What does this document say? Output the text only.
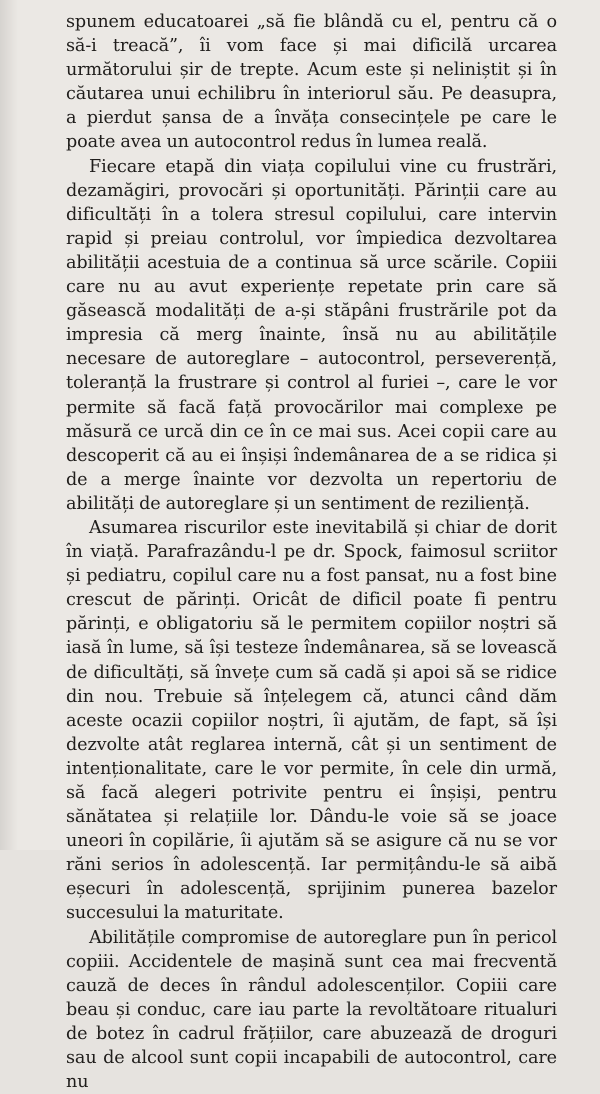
spunem educatoarei „să fie blândă cu el, pentru că o să-i treacă”, îi vom face și mai dificilă urcarea următorului șir de trepte. Acum este și neliniștit și în căutarea unui echilibru în interiorul său. Pe deasupra, a pierdut șansa de a învăța consecințele pe care le poate avea un autocontrol redus în lumea reală.

Fiecare etapă din viața copilului vine cu frustrări, dezamăgiri, provocări și oportunități. Părinții care au dificultăți în a tolera stresul copilului, care intervin rapid și preiau controlul, vor împiedica dezvoltarea abilității acestuia de a continua să urce scările. Copiii care nu au avut experiențe repetate prin care să găsească modalități de a-și stăpâni frustrările pot da impresia că merg înainte, însă nu au abilitățile necesare de autoreglare – autocontrol, perseverență, toleranță la frustrare și control al furiei –, care le vor permite să facă față provocărilor mai complexe pe măsură ce urcă din ce în ce mai sus. Acei copii care au descoperit că au ei înșiși îndemânarea de a se ridica și de a merge înainte vor dezvolta un repertoriu de abilități de autoreglare și un sentiment de reziliență.

Asumarea riscurilor este inevitabilă și chiar de dorit în viață. Parafrazându-l pe dr. Spock, faimosul scriitor și pediatru, copilul care nu a fost pansat, nu a fost bine crescut de părinți. Oricât de dificil poate fi pentru părinți, e obligatoriu să le permitem copiilor noștri să iasă în lume, să își testeze îndemânarea, să se lovească de dificultăți, să învețe cum să cadă și apoi să se ridice din nou. Trebuie să înțelegem că, atunci când dăm aceste ocazii copiilor noștri, îi ajutăm, de fapt, să își dezvolte atât reglarea internă, cât și un sentiment de intenționalitate, care le vor permite, în cele din urmă, să facă alegeri potrivite pentru ei înșiși, pentru sănătatea și relațiile lor. Dându-le voie să se joace uneori în copilărie, îi ajutăm să se asigure că nu se vor răni serios în adolescență. Iar permițându-le să aibă eșecuri în adolescență, sprijinim punerea bazelor succesului la maturitate.

Abilitățile compromise de autoreglare pun în pericol copiii. Accidentele de mașină sunt cea mai frecventă cauză de deces în rândul adolescenților. Copiii care beau și conduc, care iau parte la revoltătoare ritualuri de botez în cadrul frățiilor, care abuzează de droguri sau de alcool sunt copii incapabili de autocontrol, care nu
